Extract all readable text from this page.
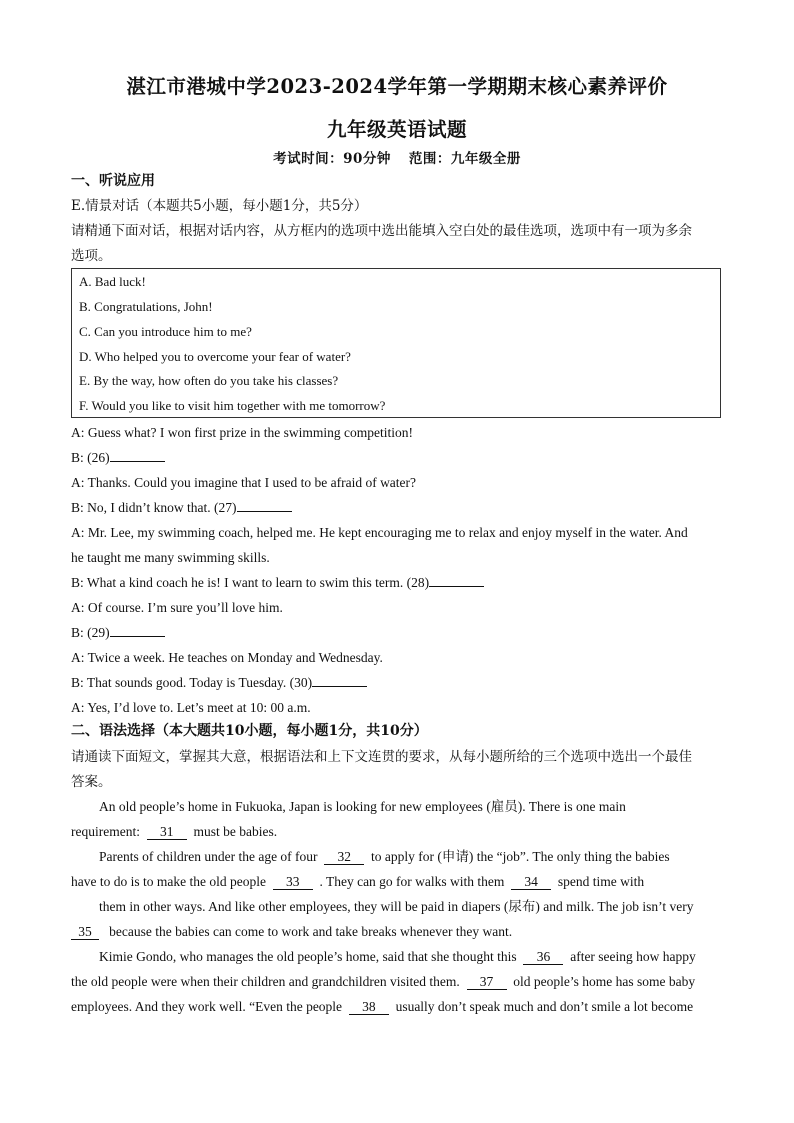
湛江市港城中学2023-2024学年第一学期期末核心素养评价
九年级英语试题
考试时间：90分钟 范围：九年级全册
一、听说应用
E.情景对话（本题共5小题，每小题1分，共5分）
请精通下面对话，根据对话内容，从方框内的选项中选出能填入空白处的最佳选项，选项中有一项为多余
选项。
A. Bad luck!
B. Congratulations, John!
C. Can you introduce him to me?
D. Who helped you to overcome your fear of water?
E. By the way, how often do you take his classes?
F. Would you like to visit him together with me tomorrow?
A: Guess what? I won first prize in the swimming competition!
B: (26)
A: Thanks. Could you imagine that I used to be afraid of water?
B: No, I didn’t know that. (27)
A: Mr. Lee, my swimming coach, helped me. He kept encouraging me to relax and enjoy myself in the water. And
he taught me many swimming skills.
B: What a kind coach he is! I want to learn to swim this term. (28)
A: Of course. I’m sure you’ll love him.
B: (29)
A: Twice a week. He teaches on Monday and Wednesday.
B: That sounds good. Today is Tuesday. (30)
A: Yes, I’d love to. Let’s meet at 10: 00 a.m.
二、语法选择（本大题共10小题，每小题1分，共10分）
请通读下面短文，掌握其大意，根据语法和上下文连贯的要求，从每小题所给的三个选项中选出一个最佳
答案。
An old people’s home in Fukuoka, Japan is looking for new employees (雇员). There is one main
requirement: 31 must be babies.
Parents of children under the age of four 32 to apply for (申请) the “job”. The only thing the babies
have to do is to make the old people 33 . They can go for walks with them 34 spend time with
them in other ways. And like other employees, they will be paid in diapers (尿布) and milk. The job isn’t very
35 because the babies can come to work and take breaks whenever they want.
Kimie Gondo, who manages the old people’s home, said that she thought this 36 after seeing how happy
the old people were when their children and grandchildren visited them. 37 old people’s home has some baby
employees. And they work well. “Even the people 38 usually don’t speak much and don’t smile a lot become
